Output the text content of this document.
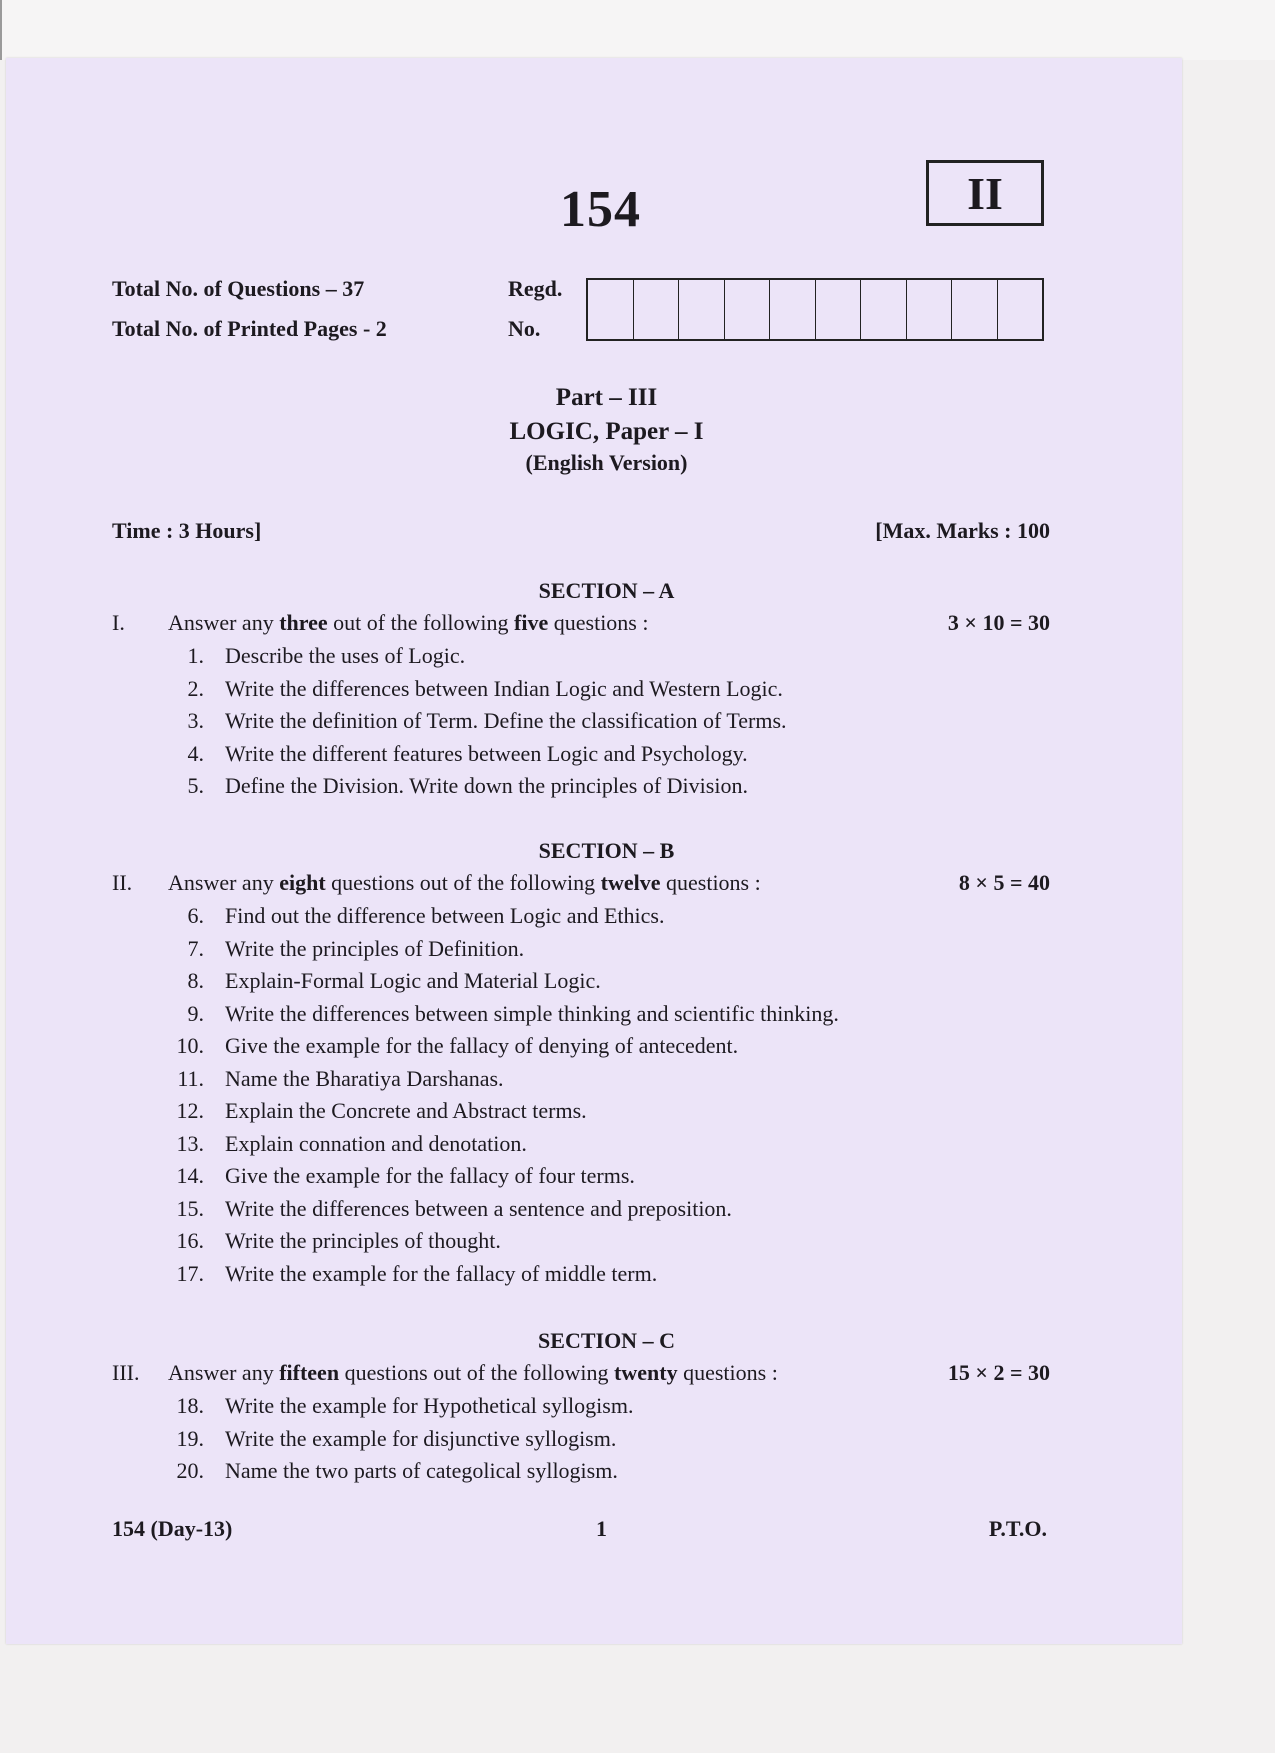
154	II
Total No. of Questions – 37
Total No. of Printed Pages - 2
Regd.
No.
Part – III
LOGIC, Paper – I
(English Version)
Time : 3 Hours]	[Max. Marks : 100
SECTION – A
I. Answer any three out of the following five questions :	3 × 10 = 30
1. Describe the uses of Logic.
2. Write the differences between Indian Logic and Western Logic.
3. Write the definition of Term. Define the classification of Terms.
4. Write the different features between Logic and Psychology.
5. Define the Division. Write down the principles of Division.
SECTION – B
II. Answer any eight questions out of the following twelve questions :	8 × 5 = 40
6. Find out the difference between Logic and Ethics.
7. Write the principles of Definition.
8. Explain-Formal Logic and Material Logic.
9. Write the differences between simple thinking and scientific thinking.
10. Give the example for the fallacy of denying of antecedent.
11. Name the Bharatiya Darshanas.
12. Explain the Concrete and Abstract terms.
13. Explain connation and denotation.
14. Give the example for the fallacy of four terms.
15. Write the differences between a sentence and preposition.
16. Write the principles of thought.
17. Write the example for the fallacy of middle term.
SECTION – C
III. Answer any fifteen questions out of the following twenty questions :	15 × 2 = 30
18. Write the example for Hypothetical syllogism.
19. Write the example for disjunctive syllogism.
20. Name the two parts of categolical syllogism.
154 (Day-13)	1	P.T.O.
